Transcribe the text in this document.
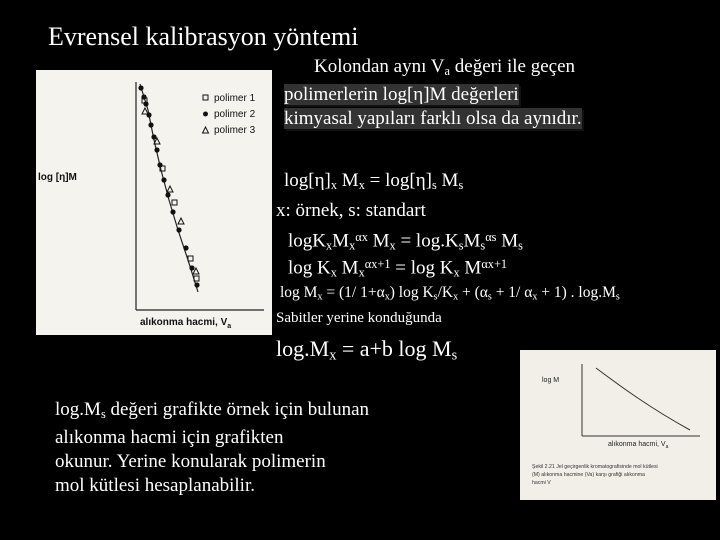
Evrensel kalibrasyon yöntemi
Kolondan aynı $V_a$ değeri ile geçen
polimerlerin log[η]M değerleri
kimyasal yapıları farklı olsa da aynıdır.
$\log[\eta]_x$ $M_x = \log[\eta]_s$ $M_s$
x: örnek, s: standart
$\log K_xM_x^{\alpha x}$ $M_x = \log.K_sM_s^{\alpha s}$ $M_s$
$\log K_x$ $M_x^{\alpha x+1} = \log K_x$ $M^{\alpha x+1}$
$\log M_x = (1/$ $1+\alpha_x$) $\log K_s/K_x + (\alpha_s + 1/$ $\alpha_x + 1$) . $\log.M_s$
Sabitler yerine konduğunda
$\log.M_x = a+b$ $\log M_s$
$\log.M_s$ değeri grafikte örnek için bulunan
alıkonma hacmi için grafikten
okunur. Yerine konularak polimerin
mol kütlesi hesaplanabilir.
log [η]M
alıkonma hacmi, $V_a$
polimer 1
polimer 2
polimer 3
log M
alıkonma hacmi, $V_a$
Şekil 2.21 Jel geçirgenlik kromatografisinde mol kütlesi
(M) alıkonma hacmine (Va) karşı grafiği alıkonma
hacmi V
